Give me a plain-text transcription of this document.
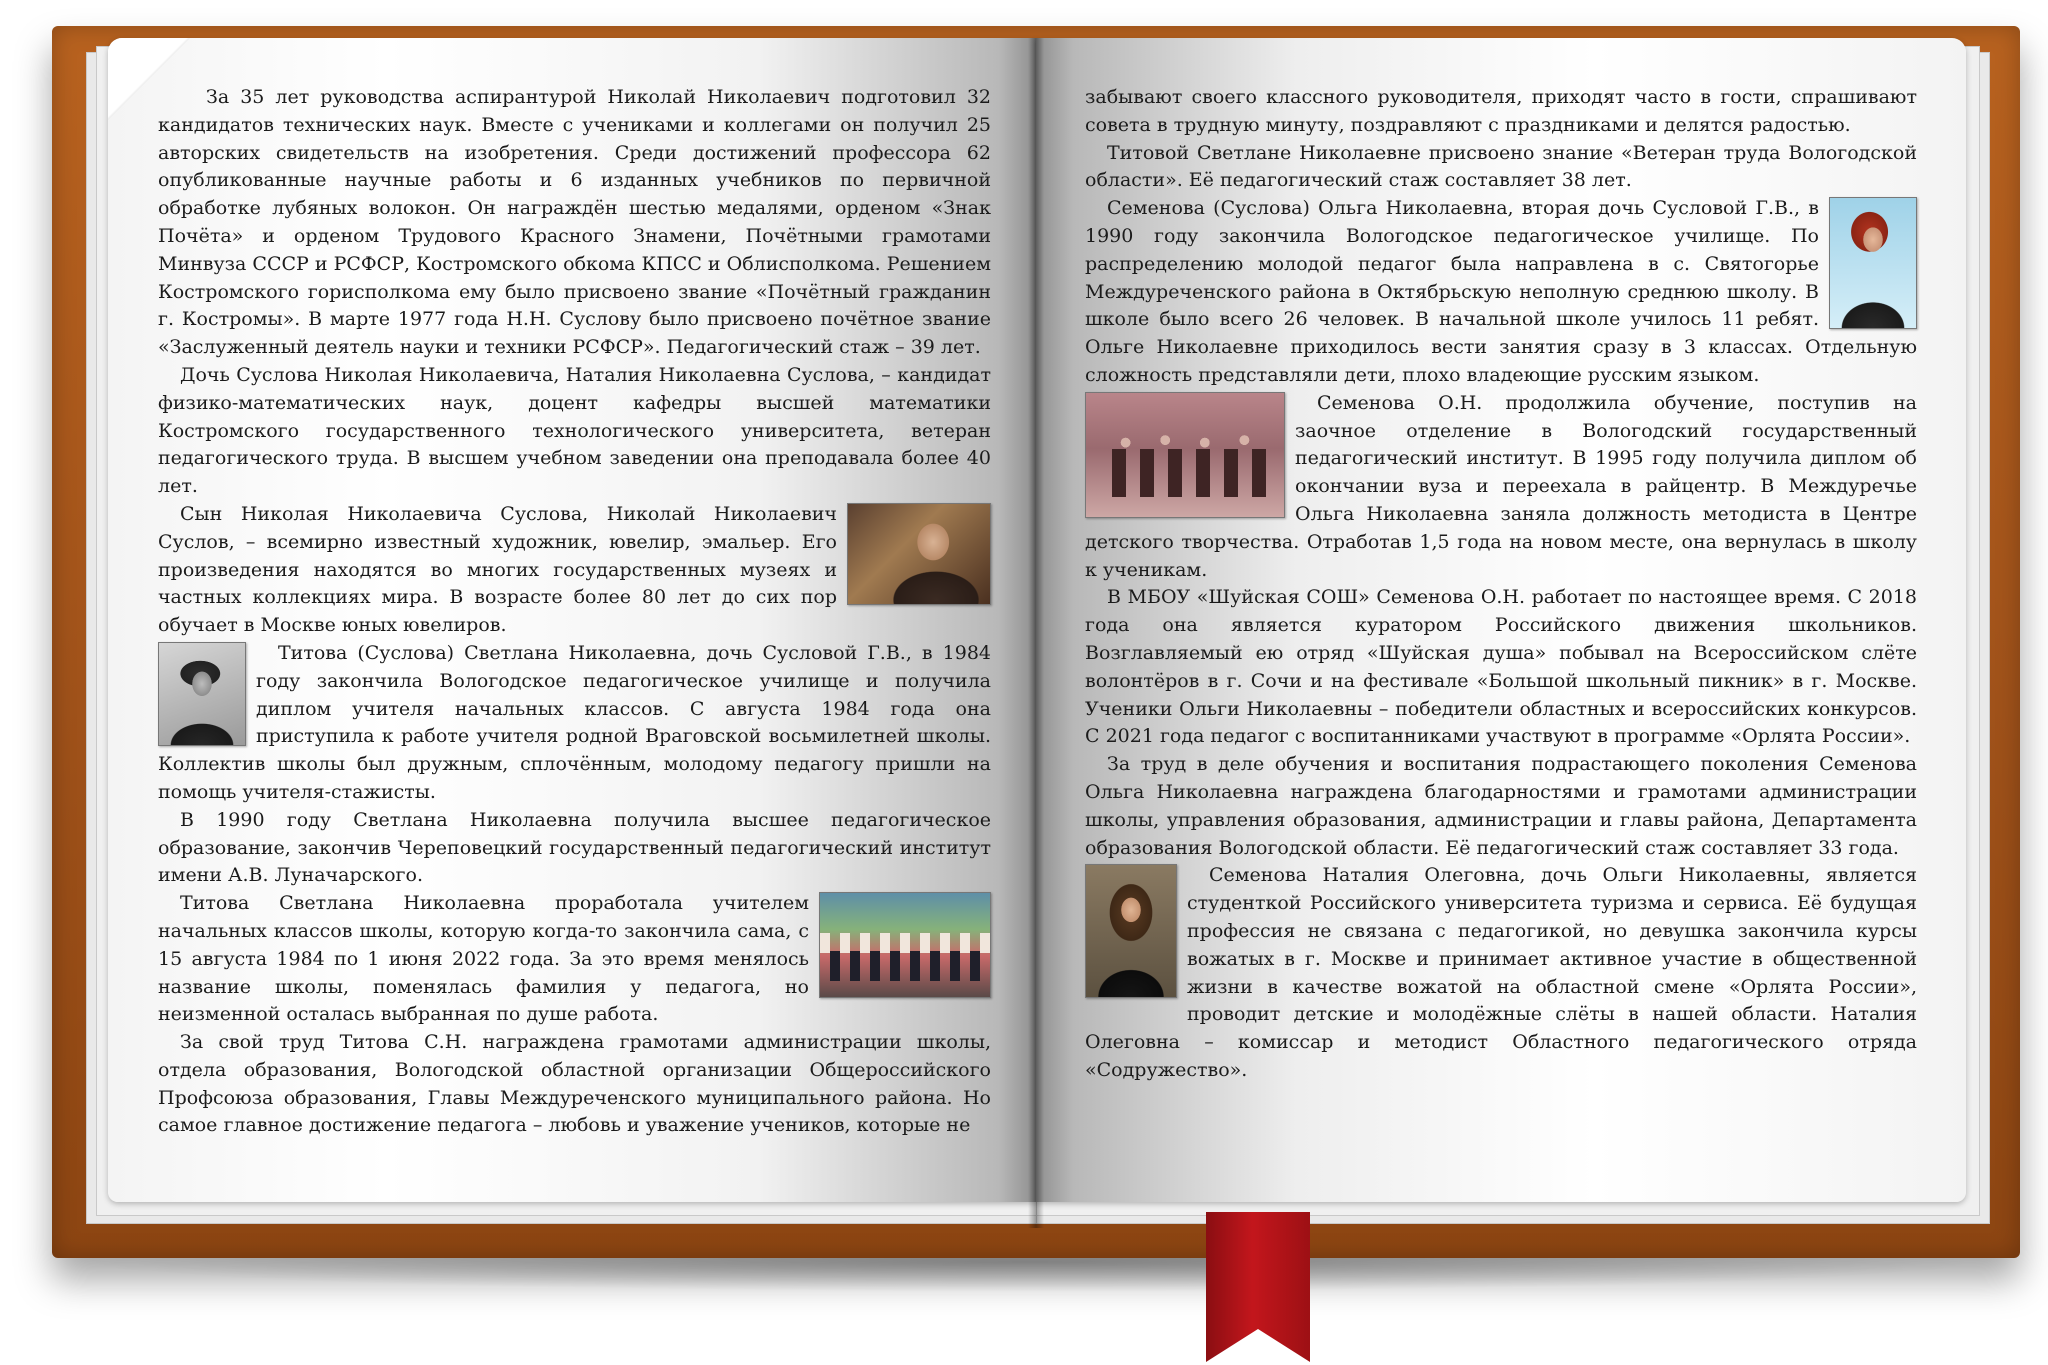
За 35 лет руководства аспирантурой Николай Николаевич подготовил 32 кандидатов технических наук. Вместе с учениками и коллегами он получил 25 авторских свидетельств на изобретения. Среди достижений профессора 62 опубликованные научные работы и 6 изданных учебников по первичной обработке лубяных волокон. Он награждён шестью медалями, орденом «Знак Почёта» и орденом Трудового Красного Знамени, Почётными грамотами Минвуза СССР и РСФСР, Костромского обкома КПСС и Облисполкома. Решением Костромского горисполкома ему было присвоено звание «Почётный гражданин г. Костромы». В марте 1977 года Н.Н. Суслову было присвоено почётное звание «Заслуженный деятель науки и техники РСФСР». Педагогический стаж – 39 лет.

Дочь Суслова Николая Николаевича, Наталия Николаевна Суслова, – кандидат физико-математических наук, доцент кафедры высшей математики Костромского государственного технологического университета, ветеран педагогического труда. В высшем учебном заведении она преподавала более 40 лет.

Сын Николая Николаевича Суслова, Николай Николаевич Суслов, – всемирно известный художник, ювелир, эмальер. Его произведения находятся во многих государственных музеях и частных коллекциях мира. В возрасте более 80 лет до сих пор обучает в Москве юных ювелиров.

Титова (Суслова) Светлана Николаевна, дочь Сусловой Г.В., в 1984 году закончила Вологодское педагогическое училище и получила диплом учителя начальных классов. С августа 1984 года она приступила к работе учителя родной Враговской восьмилетней школы. Коллектив школы был дружным, сплочённым, молодому педагогу пришли на помощь учителя-стажисты.

В 1990 году Светлана Николаевна получила высшее педагогическое образование, закончив Череповецкий государственный педагогический институт имени А.В. Луначарского.

Титова Светлана Николаевна проработала учителем начальных классов школы, которую когда-то закончила сама, с 15 августа 1984 по 1 июня 2022 года. За это время менялось название школы, поменялась фамилия у педагога, но неизменной осталась выбранная по душе работа.

За свой труд Титова С.Н. награждена грамотами администрации школы, отдела образования, Вологодской областной организации Общероссийского Профсоюза образования, Главы Междуреченского муниципального района. Но самое главное достижение педагога – любовь и уважение учеников, которые не

забывают своего классного руководителя, приходят часто в гости, спрашивают совета в трудную минуту, поздравляют с праздниками и делятся радостью.

Титовой Светлане Николаевне присвоено знание «Ветеран труда Вологодской области». Её педагогический стаж составляет 38 лет.

Семенова (Суслова) Ольга Николаевна, вторая дочь Сусловой Г.В., в 1990 году закончила Вологодское педагогическое училище. По распределению молодой педагог была направлена в с. Святогорье Междуреченского района в Октябрьскую неполную среднюю школу. В школе было всего 26 человек. В начальной школе училось 11 ребят. Ольге Николаевне приходилось вести занятия сразу в 3 классах. Отдельную сложность представляли дети, плохо владеющие русским языком.

Семенова О.Н. продолжила обучение, поступив на заочное отделение в Вологодский государственный педагогический институт. В 1995 году получила диплом об окончании вуза и переехала в райцентр. В Междуречье Ольга Николаевна заняла должность методиста в Центре детского творчества. Отработав 1,5 года на новом месте, она вернулась в школу к ученикам.

В МБОУ «Шуйская СОШ» Семенова О.Н. работает по настоящее время. С 2018 года она является куратором Российского движения школьников. Возглавляемый ею отряд «Шуйская душа» побывал на Всероссийском слёте волонтёров в г. Сочи и на фестивале «Большой школьный пикник» в г. Москве. Ученики Ольги Николаевны – победители областных и всероссийских конкурсов. С 2021 года педагог с воспитанниками участвуют в программе «Орлята России».

За труд в деле обучения и воспитания подрастающего поколения Семенова Ольга Николаевна награждена благодарностями и грамотами администрации школы, управления образования, администрации и главы района, Департамента образования Вологодской области. Её педагогический стаж составляет 33 года.

Семенова Наталия Олеговна, дочь Ольги Николаевны, является студенткой Российского университета туризма и сервиса. Её будущая профессия не связана с педагогикой, но девушка закончила курсы вожатых в г. Москве и принимает активное участие в общественной жизни в качестве вожатой на областной смене «Орлята России», проводит детские и молодёжные слёты в нашей области. Наталия Олеговна – комиссар и методист Областного педагогического отряда «Содружество».
